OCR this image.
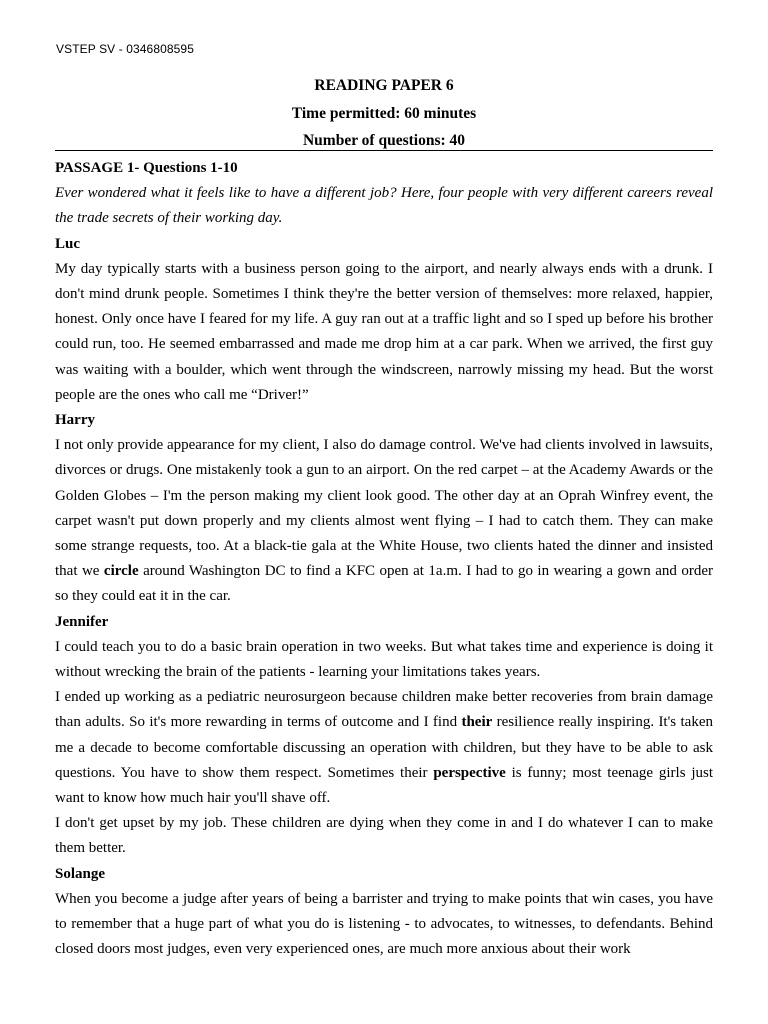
VSTEP SV - 0346808595
READING PAPER 6
Time permitted: 60 minutes
Number of questions: 40

PASSAGE 1- Questions 1-10

Ever wondered what it feels like to have a different job? Here, four people with very different careers reveal the trade secrets of their working day.

Luc

My day typically starts with a business person going to the airport, and nearly always ends with a drunk. I don't mind drunk people. Sometimes I think they're the better version of themselves: more relaxed, happier, honest. Only once have I feared for my life. A guy ran out at a traffic light and so I sped up before his brother could run, too. He seemed embarrassed and made me drop him at a car park. When we arrived, the first guy was waiting with a boulder, which went through the windscreen, narrowly missing my head. But the worst people are the ones who call me “Driver!”

Harry

I not only provide appearance for my client, I also do damage control. We've had clients involved in lawsuits, divorces or drugs. One mistakenly took a gun to an airport. On the red carpet – at the Academy Awards or the Golden Globes – I'm the person making my client look good. The other day at an Oprah Winfrey event, the carpet wasn't put down properly and my clients almost went flying – I had to catch them. They can make some strange requests, too. At a black-tie gala at the White House, two clients hated the dinner and insisted that we circle around Washington DC to find a KFC open at 1a.m. I had to go in wearing a gown and order so they could eat it in the car.

Jennifer

I could teach you to do a basic brain operation in two weeks. But what takes time and experience is doing it without wrecking the brain of the patients - learning your limitations takes years.

I ended up working as a pediatric neurosurgeon because children make better recoveries from brain damage than adults. So it's more rewarding in terms of outcome and I find their resilience really inspiring. It's taken me a decade to become comfortable discussing an operation with children, but they have to be able to ask questions. You have to show them respect. Sometimes their perspective is funny; most teenage girls just want to know how much hair you'll shave off.

I don't get upset by my job. These children are dying when they come in and I do whatever I can to make them better.

Solange

When you become a judge after years of being a barrister and trying to make points that win cases, you have to remember that a huge part of what you do is listening - to advocates, to witnesses, to defendants. Behind closed doors most judges, even very experienced ones, are much more anxious about their work
